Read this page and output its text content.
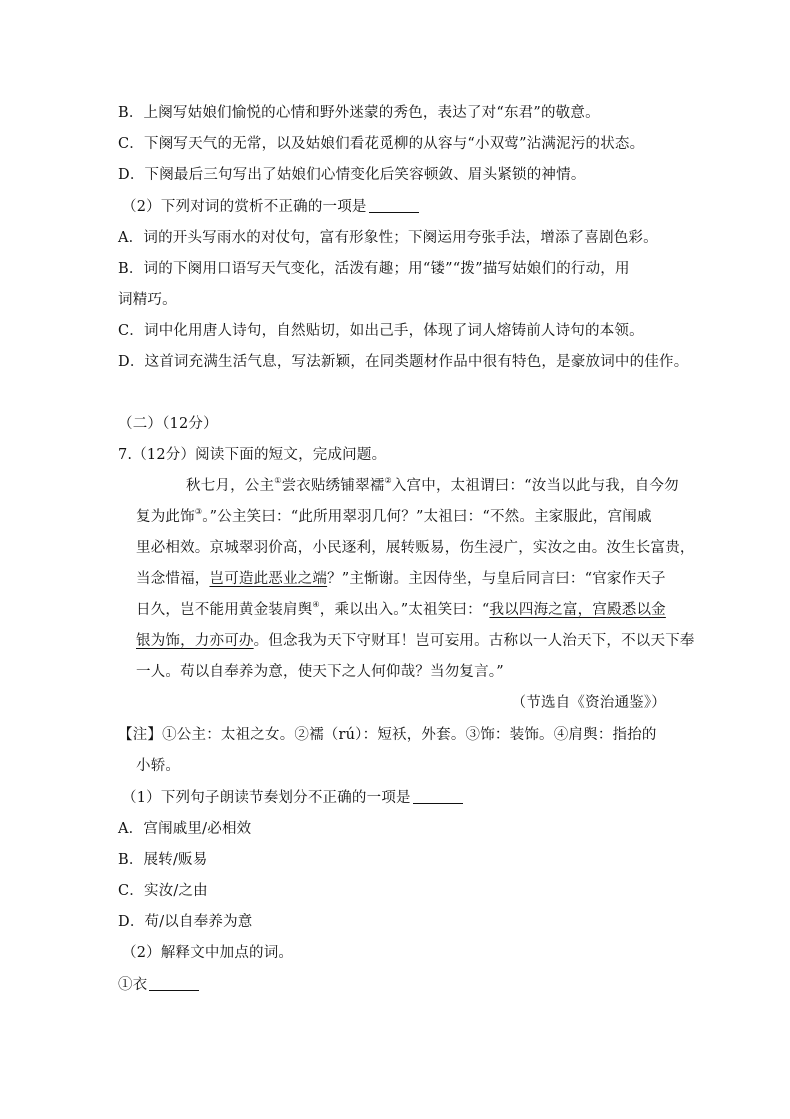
B．上阕写姑娘们愉悦的心情和野外迷蒙的秀色，表达了对“东君”的敬意。
C．下阕写天气的无常，以及姑娘们看花觅柳的从容与“小双莺”沾满泥污的状态。
D．下阕最后三句写出了姑娘们心情变化后笑容顿敛、眉头紧锁的神情。
（2）下列对词的赏析不正确的一项是
A．词的开头写雨水的对仗句，富有形象性；下阕运用夸张手法，增添了喜剧色彩。
B．词的下阕用口语写天气变化，活泼有趣；用“镂”“拨”描写姑娘们的行动，用
词精巧。
C．词中化用唐人诗句，自然贴切，如出己手，体现了词人熔铸前人诗句的本领。
D．这首词充满生活气息，写法新颖，在同类题材作品中很有特色，是豪放词中的佳作。
（二）（12分）
7.（12分）阅读下面的短文，完成问题。
秋七月，公主①尝衣贴绣铺翠襦②入宫中，太祖谓曰：“汝当以此与我，自今勿
复为此饰③。”公主笑曰：“此所用翠羽几何？”太祖曰：“不然。主家服此，宫闱戚
里必相效。京城翠羽价高，小民逐利，展转贩易，伤生浸广，实汝之由。汝生长富贵，
当念惜福，岂可造此恶业之端？”主惭谢。主因侍坐，与皇后同言曰：“官家作天子
日久，岂不能用黄金装肩舆④，乘以出入。”太祖笑曰：“我以四海之富，宫殿悉以金
银为饰，力亦可办。但念我为天下守财耳！岂可妄用。古称以一人治天下，不以天下奉
一人。苟以自奉养为意，使天下之人何仰哉？当勿复言。”
（节选自《资治通鉴》）
【注】①公主：太祖之女。②襦（rú）：短袄，外套。③饰：装饰。④肩舆：指抬的
小轿。
（1）下列句子朗读节奏划分不正确的一项是
A．宫闱戚里/必相效
B．展转/贩易
C．实汝/之由
D．苟/以自奉养为意
（2）解释文中加点的词。
①衣
